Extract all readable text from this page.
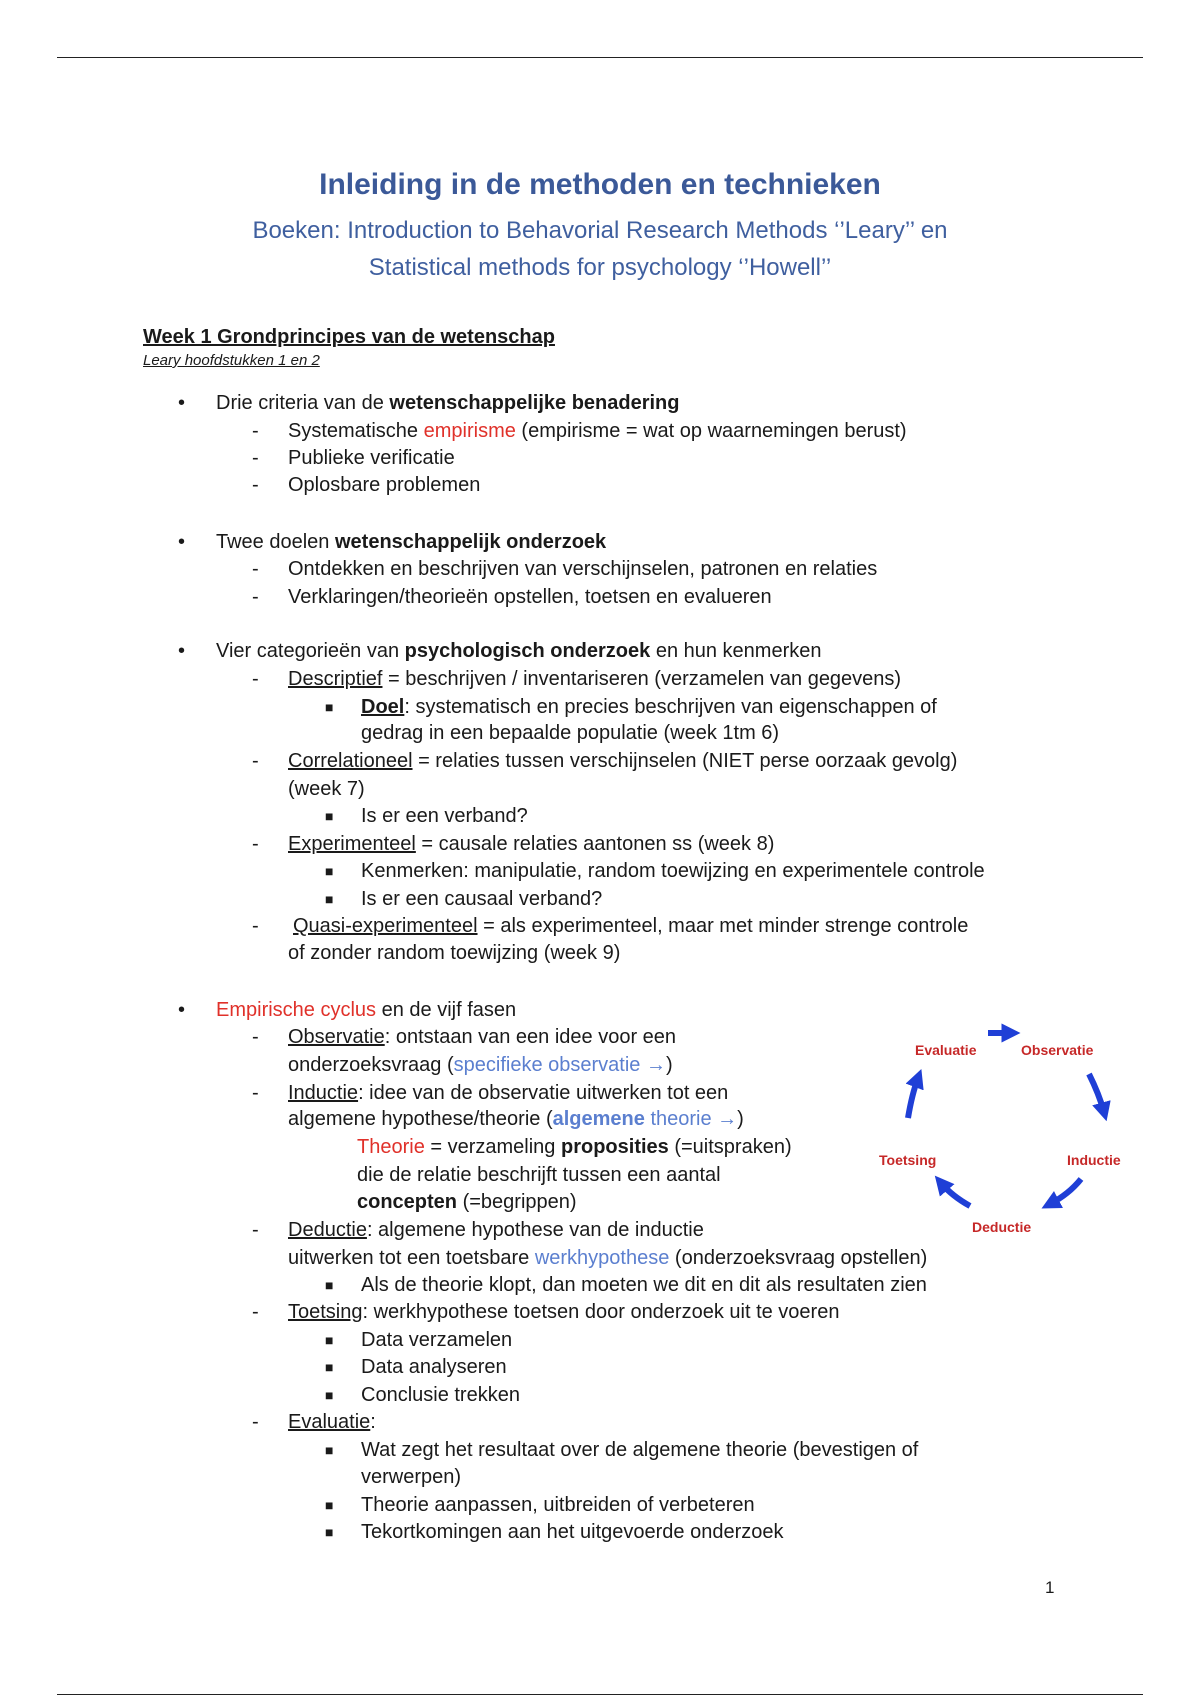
Inleiding in de methoden en technieken
Boeken: Introduction to Behavorial Research Methods ‘’Leary’’ en
Statistical methods for psychology ‘’Howell’’
Week 1 Grondprincipes van de wetenschap
Leary hoofdstukken 1 en 2
• Drie criteria van de wetenschappelijke benadering
- Systematische empirisme (empirisme = wat op waarnemingen berust)
- Publieke verificatie
- Oplosbare problemen
• Twee doelen wetenschappelijk onderzoek
- Ontdekken en beschrijven van verschijnselen, patronen en relaties
- Verklaringen/theorieën opstellen, toetsen en evalueren
• Vier categorieën van psychologisch onderzoek en hun kenmerken
- Descriptief = beschrijven / inventariseren (verzamelen van gegevens)
■ Doel: systematisch en precies beschrijven van eigenschappen of
gedrag in een bepaalde populatie (week 1tm 6)
- Correlationeel = relaties tussen verschijnselen (NIET perse oorzaak gevolg)
(week 7)
■ Is er een verband?
- Experimenteel = causale relaties aantonen ss (week 8)
■ Kenmerken: manipulatie, random toewijzing en experimentele controle
■ Is er een causaal verband?
- Quasi-experimenteel = als experimenteel, maar met minder strenge controle
of zonder random toewijzing (week 9)
• Empirische cyclus en de vijf fasen
- Observatie: ontstaan van een idee voor een
onderzoeksvraag (specifieke observatie →)
- Inductie: idee van de observatie uitwerken tot een
algemene hypothese/theorie (algemene theorie →)
Theorie = verzameling proposities (=uitspraken)
die de relatie beschrijft tussen een aantal
concepten (=begrippen)
- Deductie: algemene hypothese van de inductie
uitwerken tot een toetsbare werkhypothese (onderzoeksvraag opstellen)
■ Als de theorie klopt, dan moeten we dit en dit als resultaten zien
- Toetsing: werkhypothese toetsen door onderzoek uit te voeren
■ Data verzamelen
■ Data analyseren
■ Conclusie trekken
- Evaluatie:
■ Wat zegt het resultaat over de algemene theorie (bevestigen of
verwerpen)
■ Theorie aanpassen, uitbreiden of verbeteren
■ Tekortkomingen aan het uitgevoerde onderzoek
Evaluatie	Observatie
Inductie
Deductie
Toetsing
1
